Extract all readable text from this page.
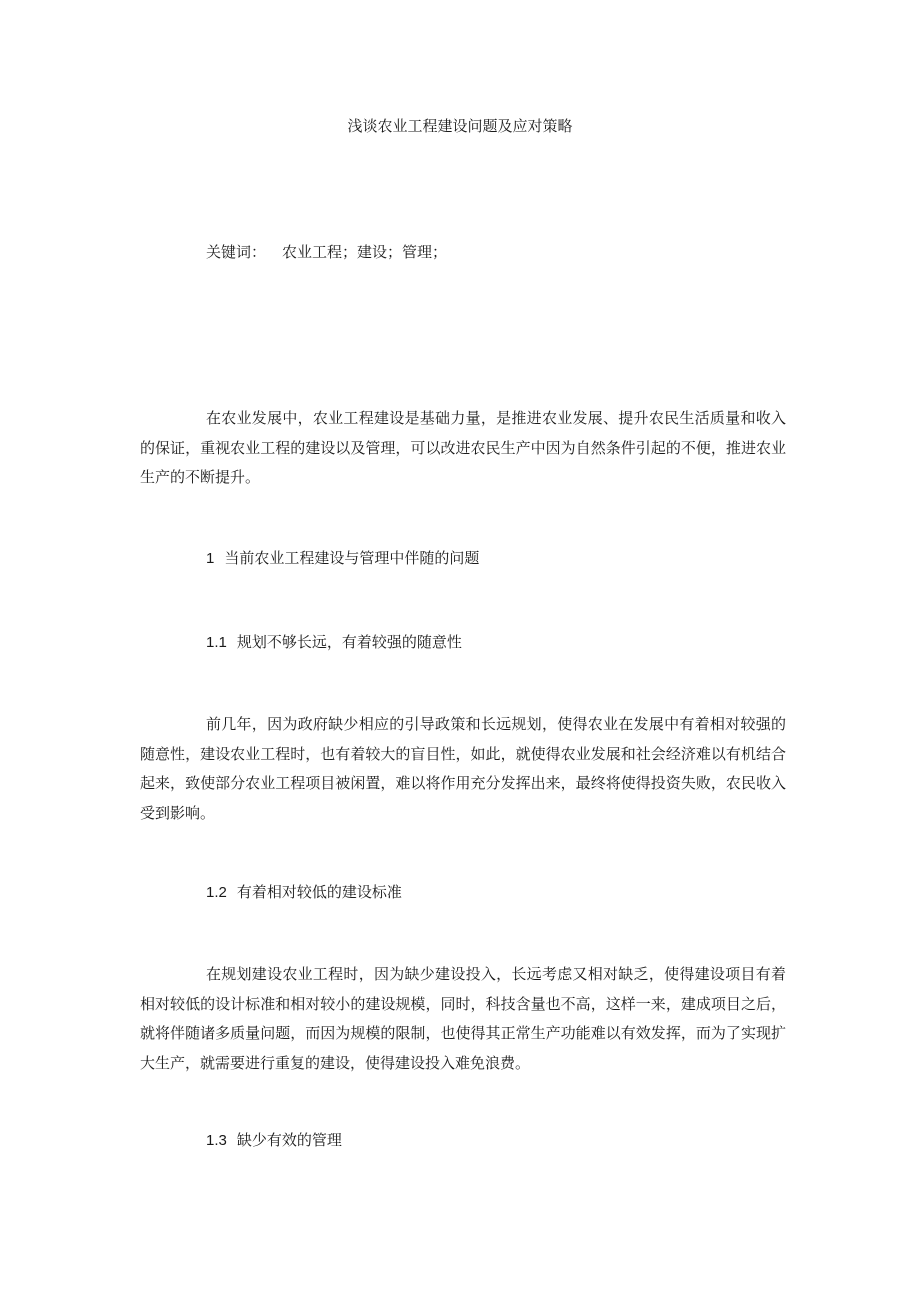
浅谈农业工程建设问题及应对策略
关键词： 农业工程；建设；管理；

在农业发展中，农业工程建设是基础力量，是推进农业发展、提升农民生活质量和收入的保证，重视农业工程的建设以及管理，可以改进农民生产中因为自然条件引起的不便，推进农业生产的不断提升。

1 当前农业工程建设与管理中伴随的问题

1.1 规划不够长远，有着较强的随意性

前几年，因为政府缺少相应的引导政策和长远规划，使得农业在发展中有着相对较强的随意性，建设农业工程时，也有着较大的盲目性，如此，就使得农业发展和社会经济难以有机结合起来，致使部分农业工程项目被闲置，难以将作用充分发挥出来，最终将使得投资失败，农民收入受到影响。

1.2 有着相对较低的建设标准

在规划建设农业工程时，因为缺少建设投入，长远考虑又相对缺乏，使得建设项目有着相对较低的设计标准和相对较小的建设规模，同时，科技含量也不高，这样一来，建成项目之后，就将伴随诸多质量问题，而因为规模的限制，也使得其正常生产功能难以有效发挥，而为了实现扩大生产，就需要进行重复的建设，使得建设投入难免浪费。

1.3 缺少有效的管理
